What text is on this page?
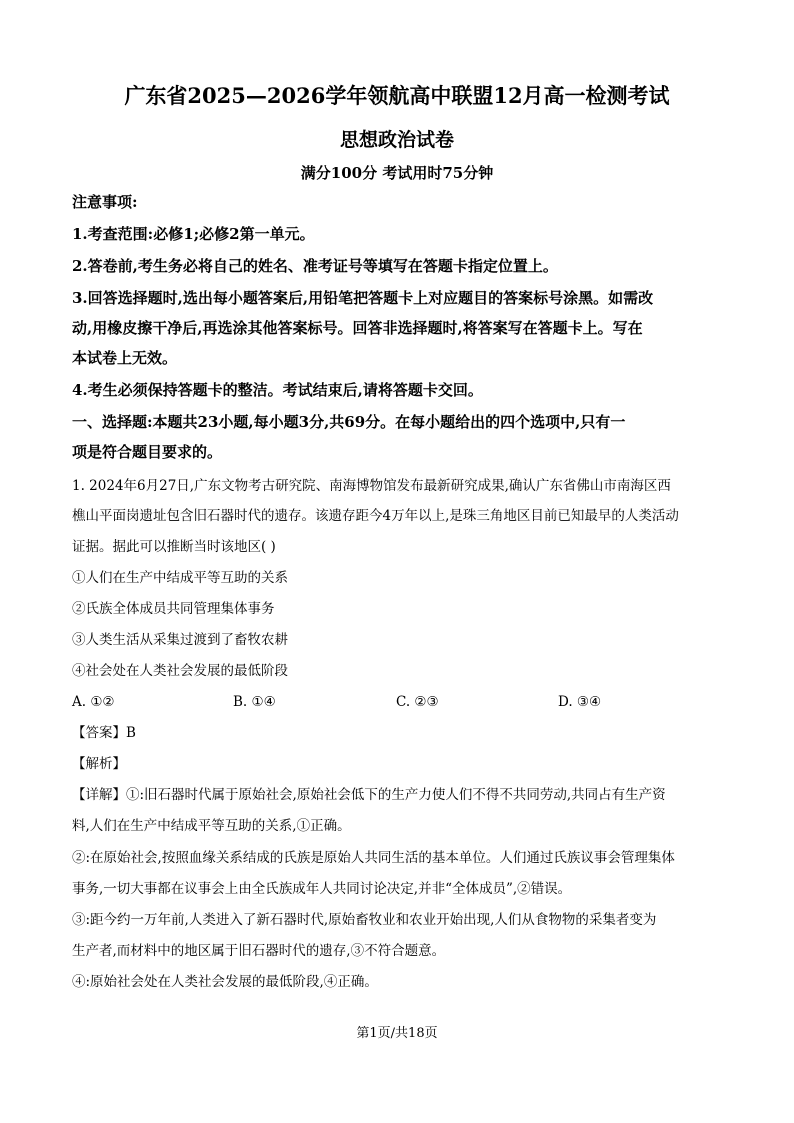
广东省2025—2026学年领航高中联盟12月高一检测考试
思想政治试卷
满分100分 考试用时75分钟
注意事项:
1.考查范围:必修1;必修2第一单元。
2.答卷前,考生务必将自己的姓名、准考证号等填写在答题卡指定位置上。
3.回答选择题时,选出每小题答案后,用铅笔把答题卡上对应题目的答案标号涂黑。如需改
动,用橡皮擦干净后,再选涂其他答案标号。回答非选择题时,将答案写在答题卡上。写在
本试卷上无效。
4.考生必须保持答题卡的整洁。考试结束后,请将答题卡交回。
一、选择题:本题共23小题,每小题3分,共69分。在每小题给出的四个选项中,只有一
项是符合题目要求的。
1. 2024年6月27日,广东文物考古研究院、南海博物馆发布最新研究成果,确认广东省佛山市南海区西
樵山平面岗遗址包含旧石器时代的遗存。该遗存距今4万年以上,是珠三角地区目前已知最早的人类活动
证据。据此可以推断当时该地区( )
①人们在生产中结成平等互助的关系
②氏族全体成员共同管理集体事务
③人类生活从采集过渡到了畜牧农耕
④社会处在人类社会发展的最低阶段
A. ①②	B. ①④	C. ②③	D. ③④
【答案】B
【解析】
【详解】①:旧石器时代属于原始社会,原始社会低下的生产力使人们不得不共同劳动,共同占有生产资
料,人们在生产中结成平等互助的关系,①正确。
②:在原始社会,按照血缘关系结成的氏族是原始人共同生活的基本单位。人们通过氏族议事会管理集体
事务,一切大事都在议事会上由全氏族成年人共同讨论决定,并非“全体成员”,②错误。
③:距今约一万年前,人类进入了新石器时代,原始畜牧业和农业开始出现,人们从食物物的采集者变为
生产者,而材料中的地区属于旧石器时代的遗存,③不符合题意。
④:原始社会处在人类社会发展的最低阶段,④正确。
第1页/共18页
